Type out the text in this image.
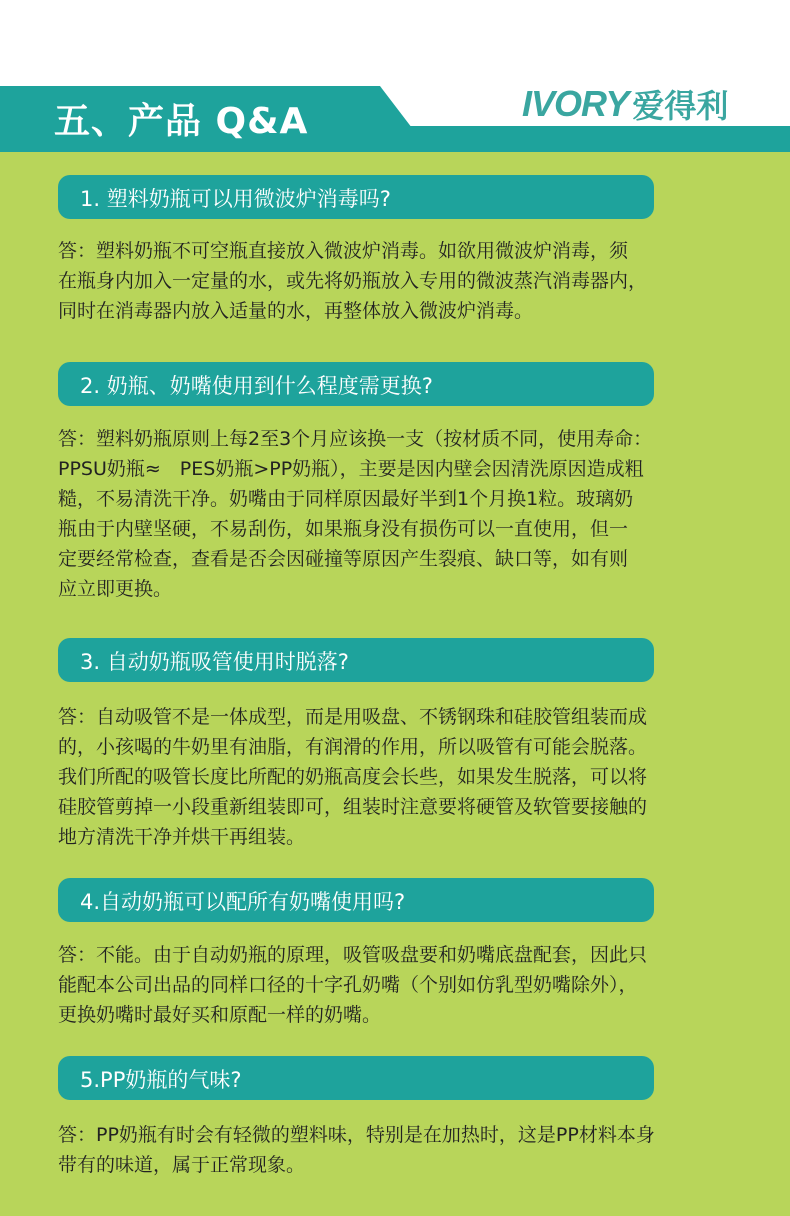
五、产品 Q&A	IVORY 爱得利
1. 塑料奶瓶可以用微波炉消毒吗?
答：塑料奶瓶不可空瓶直接放入微波炉消毒。如欲用微波炉消毒，须
在瓶身内加入一定量的水，或先将奶瓶放入专用的微波蒸汽消毒器内，
同时在消毒器内放入适量的水，再整体放入微波炉消毒。
2. 奶瓶、奶嘴使用到什么程度需更换?
答：塑料奶瓶原则上每2至3个月应该换一支（按材质不同，使用寿命：
PPSU奶瓶≈　PES奶瓶>PP奶瓶），主要是因内壁会因清洗原因造成粗
糙，不易清洗干净。奶嘴由于同样原因最好半到1个月换1粒。玻璃奶
瓶由于内壁坚硬，不易刮伤，如果瓶身没有损伤可以一直使用，但一
定要经常检查，查看是否会因碰撞等原因产生裂痕、缺口等，如有则
应立即更换。
3. 自动奶瓶吸管使用时脱落?
答：自动吸管不是一体成型，而是用吸盘、不锈钢珠和硅胶管组装而成
的，小孩喝的牛奶里有油脂，有润滑的作用，所以吸管有可能会脱落。
我们所配的吸管长度比所配的奶瓶高度会长些，如果发生脱落，可以将
硅胶管剪掉一小段重新组装即可，组装时注意要将硬管及软管要接触的
地方清洗干净并烘干再组装。
4.自动奶瓶可以配所有奶嘴使用吗?
答：不能。由于自动奶瓶的原理，吸管吸盘要和奶嘴底盘配套，因此只
能配本公司出品的同样口径的十字孔奶嘴（个别如仿乳型奶嘴除外），
更换奶嘴时最好买和原配一样的奶嘴。
5.PP奶瓶的气味?
答：PP奶瓶有时会有轻微的塑料味，特别是在加热时，这是PP材料本身
带有的味道，属于正常现象。
